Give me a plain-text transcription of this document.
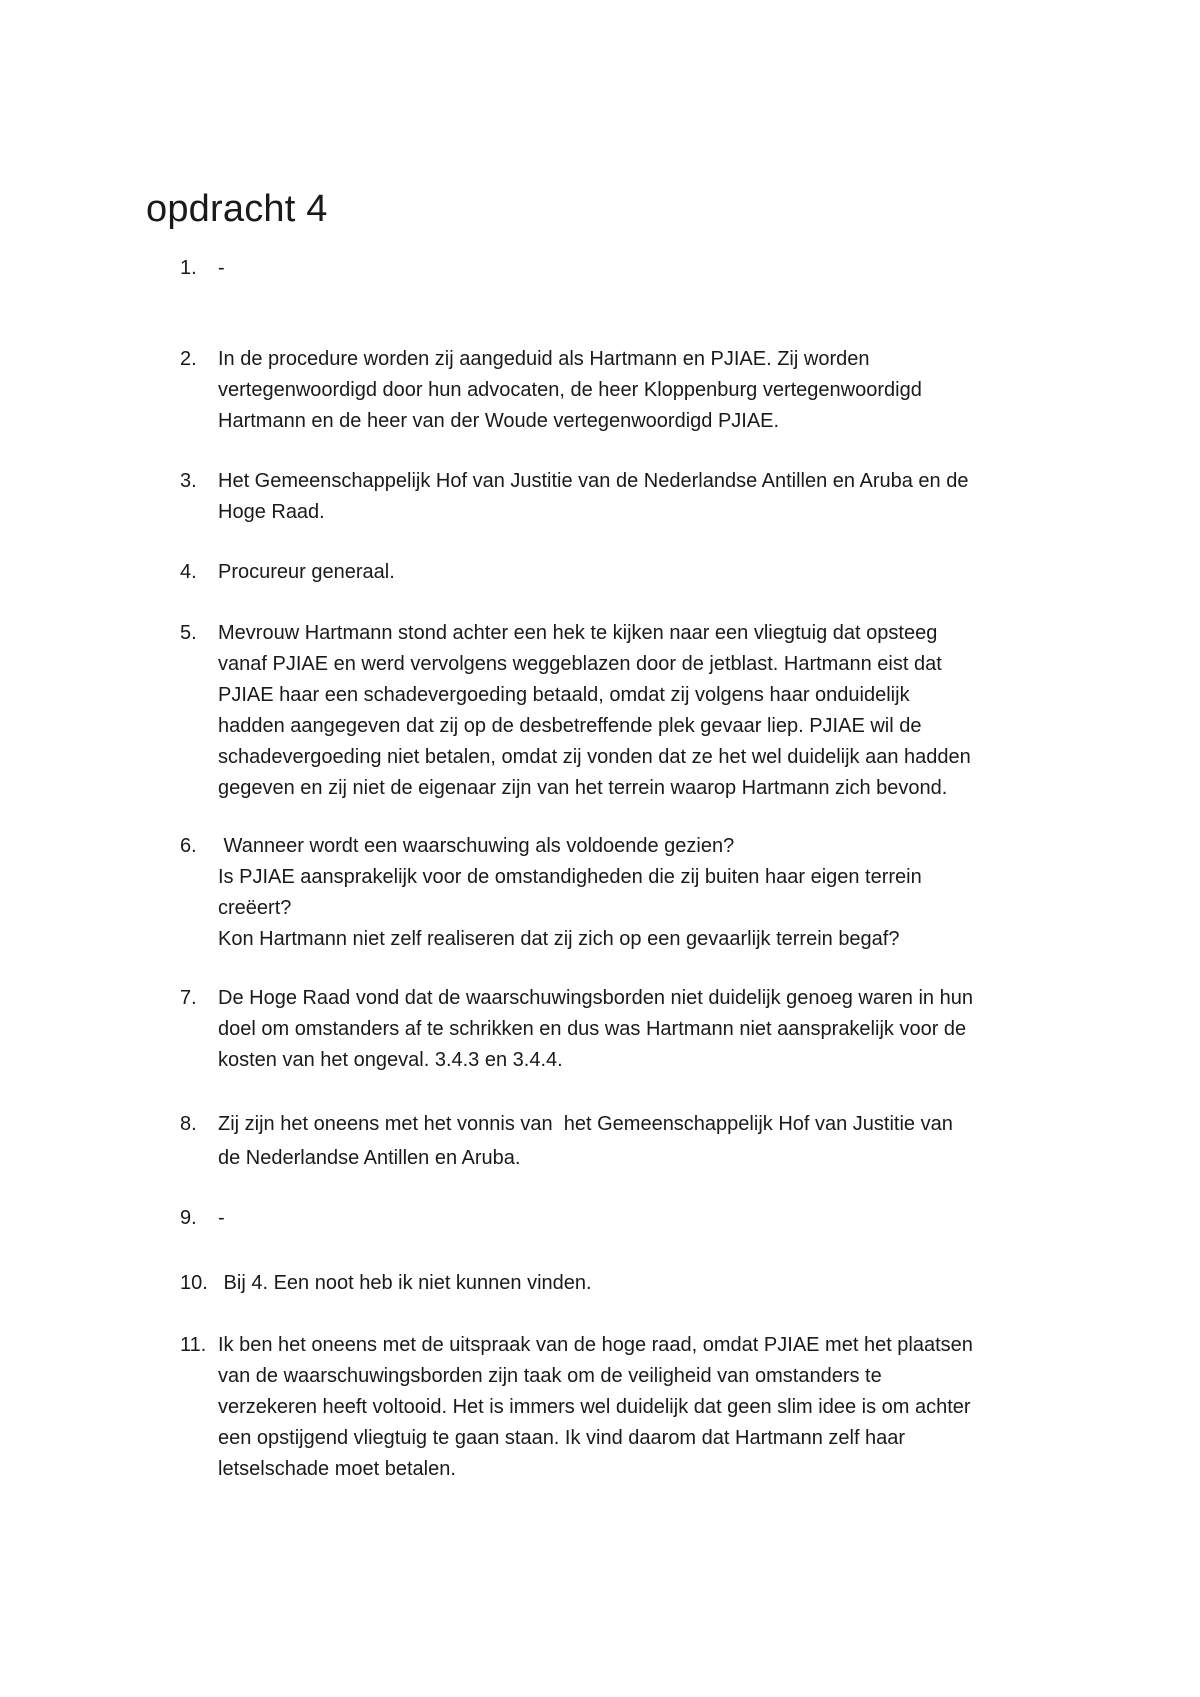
opdracht 4
1.	-
2.	In de procedure worden zij aangeduid als Hartmann en PJIAE. Zij worden
vertegenwoordigd door hun advocaten, de heer Kloppenburg vertegenwoordigd
Hartmann en de heer van der Woude vertegenwoordigd PJIAE.
3.	Het Gemeenschappelijk Hof van Justitie van de Nederlandse Antillen en Aruba en de
Hoge Raad.
4.	Procureur generaal.
5.	Mevrouw Hartmann stond achter een hek te kijken naar een vliegtuig dat opsteeg
vanaf PJIAE en werd vervolgens weggeblazen door de jetblast. Hartmann eist dat
PJIAE haar een schadevergoeding betaald, omdat zij volgens haar onduidelijk
hadden aangegeven dat zij op de desbetreffende plek gevaar liep. PJIAE wil de
schadevergoeding niet betalen, omdat zij vonden dat ze het wel duidelijk aan hadden
gegeven en zij niet de eigenaar zijn van het terrein waarop Hartmann zich bevond.
6.	Wanneer wordt een waarschuwing als voldoende gezien?
Is PJIAE aansprakelijk voor de omstandigheden die zij buiten haar eigen terrein
creëert?
Kon Hartmann niet zelf realiseren dat zij zich op een gevaarlijk terrein begaf?
7.	De Hoge Raad vond dat de waarschuwingsborden niet duidelijk genoeg waren in hun
doel om omstanders af te schrikken en dus was Hartmann niet aansprakelijk voor de
kosten van het ongeval. 3.4.3 en 3.4.4.
8.	Zij zijn het oneens met het vonnis van  het Gemeenschappelijk Hof van Justitie van
de Nederlandse Antillen en Aruba.
9.	-
10. Bij 4. Een noot heb ik niet kunnen vinden.
11. Ik ben het oneens met de uitspraak van de hoge raad, omdat PJIAE met het plaatsen
van de waarschuwingsborden zijn taak om de veiligheid van omstanders te
verzekeren heeft voltooid. Het is immers wel duidelijk dat geen slim idee is om achter
een opstijgend vliegtuig te gaan staan. Ik vind daarom dat Hartmann zelf haar
letselschade moet betalen.
